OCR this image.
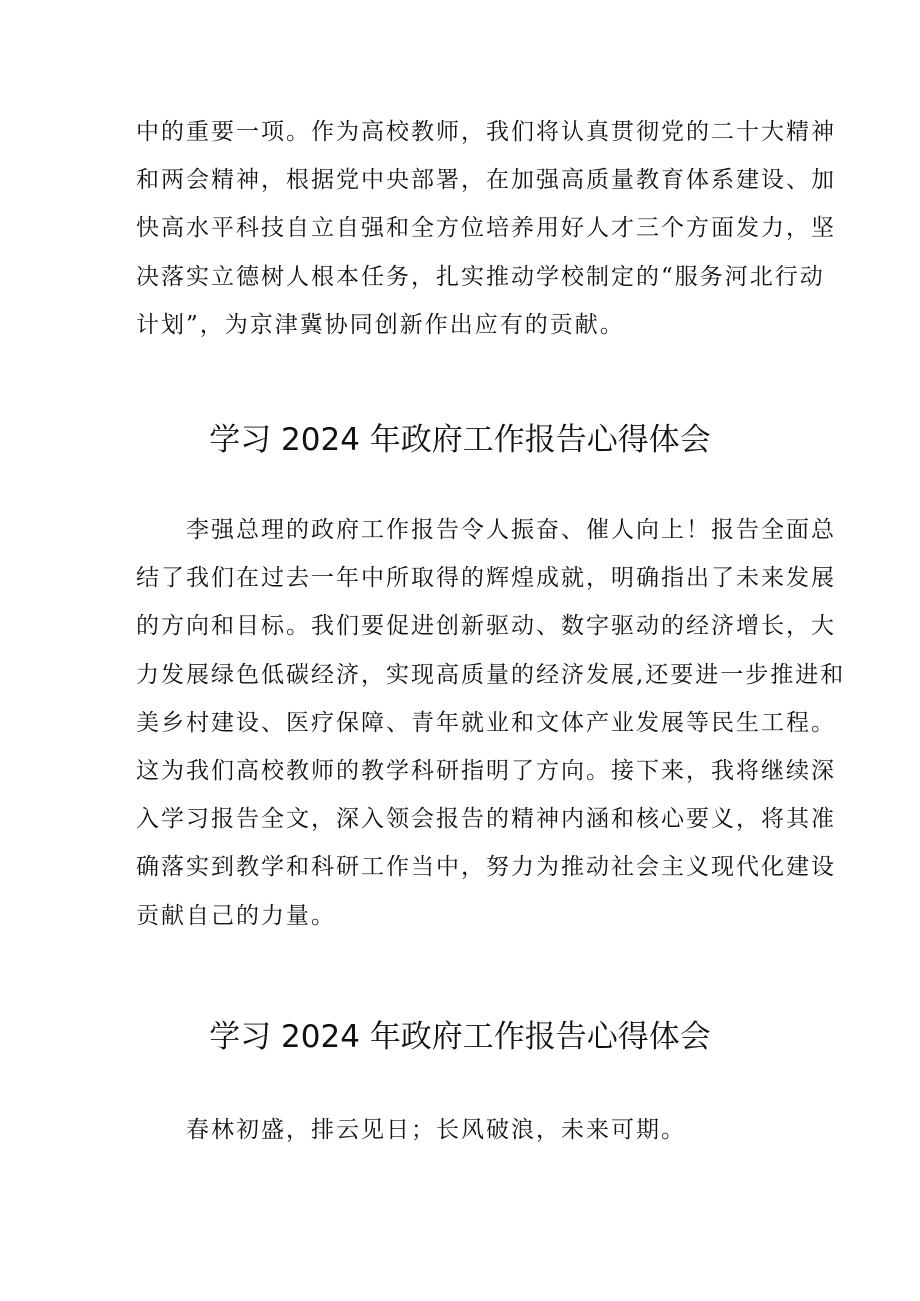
中的重要一项。作为高校教师，我们将认真贯彻党的二十大精神
和两会精神，根据党中央部署，在加强高质量教育体系建设、加
快高水平科技自立自强和全方位培养用好人才三个方面发力，坚
决落实立德树人根本任务，扎实推动学校制定的“服务河北行动
计划”，为京津冀协同创新作出应有的贡献。
学习 2024 年政府工作报告心得体会
　　李强总理的政府工作报告令人振奋、催人向上！报告全面总
结了我们在过去一年中所取得的辉煌成就，明确指出了未来发展
的方向和目标。我们要促进创新驱动、数字驱动的经济增长，大
力发展绿色低碳经济，实现高质量的经济发展,还要进一步推进和
美乡村建设、医疗保障、青年就业和文体产业发展等民生工程。
这为我们高校教师的教学科研指明了方向。接下来，我将继续深
入学习报告全文，深入领会报告的精神内涵和核心要义，将其准
确落实到教学和科研工作当中，努力为推动社会主义现代化建设
贡献自己的力量。
学习 2024 年政府工作报告心得体会
　　春林初盛，排云见日；长风破浪，未来可期。
